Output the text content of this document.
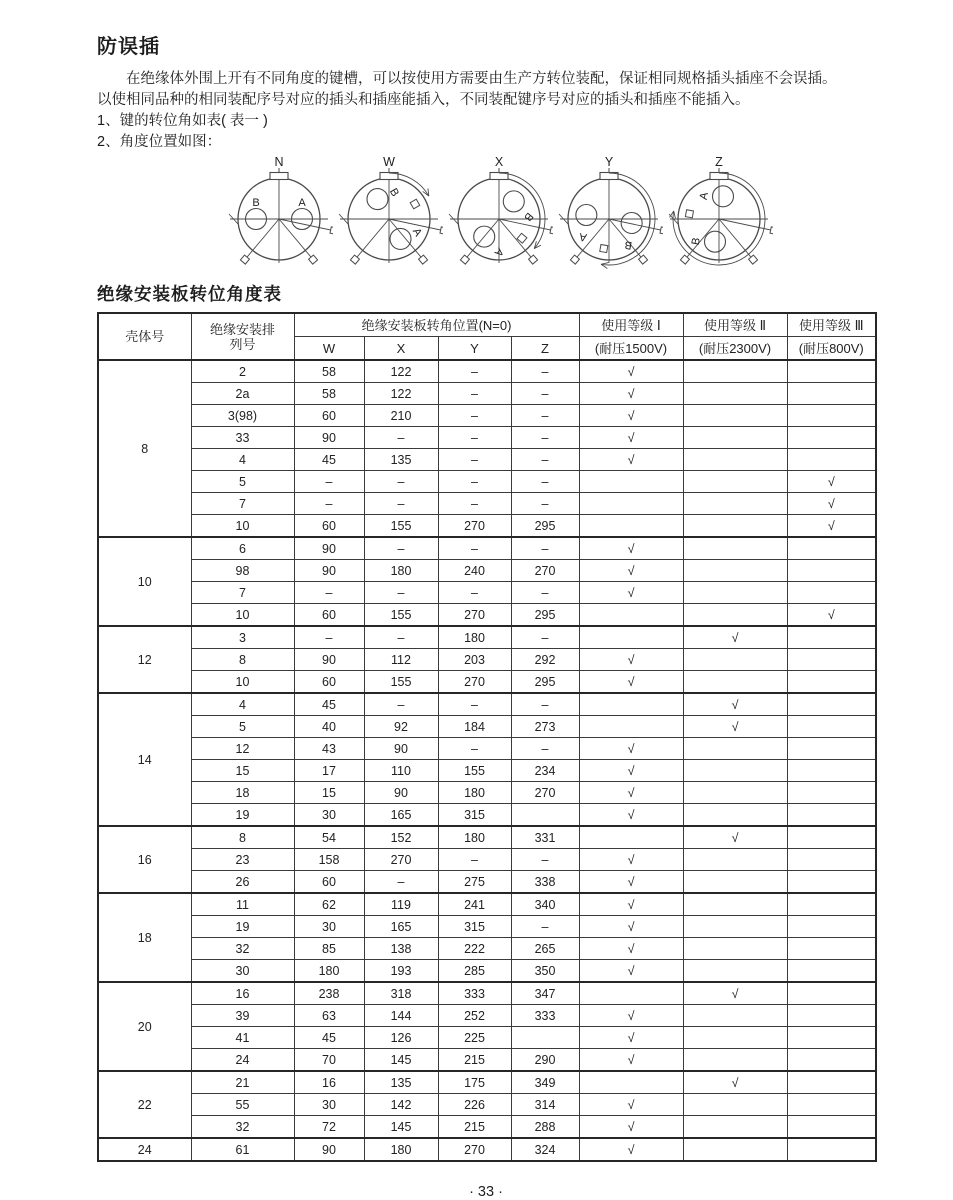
防误插

在绝缘体外围上开有不同角度的键槽，可以按使用方需要由生产方转位装配，保证相同规格插头插座不会误插。

以使相同品种的相同装配序号对应的插头和插座能插入，不同装配键序号对应的插头和插座不能插入。

1、键的转位角如表( 表一 )

2、角度位置如图：

N
A
B
W
A
B
X
A
B
Y
A
B
Z
A
B
绝缘安装板转位角度表
壳体号	绝缘安装排列号	绝缘安装板转角位置(N=0)				使用等级 Ⅰ	使用等级 Ⅱ	使用等级 Ⅲ
		W	X	Y	Z	(耐压1500V)	(耐压2300V)	(耐压800V)
8	2	58	122	–	–	√		
	2a	58	122	–	–	√		
	3(98)	60	210	–	–	√		
	33	90	–	–	–	√		
	4	45	135	–	–	√		
	5	–	–	–	–			√
	7	–	–	–	–			√
	10	60	155	270	295			√
10	6	90	–	–	–	√		
	98	90	180	240	270	√		
	7	–	–	–	–	√		
	10	60	155	270	295			√
12	3	–	–	180	–		√	
	8	90	112	203	292	√		
	10	60	155	270	295	√		
14	4	45	–	–	–		√	
	5	40	92	184	273		√	
	12	43	90	–	–	√		
	15	17	110	155	234	√		
	18	15	90	180	270	√		
	19	30	165	315		√		
16	8	54	152	180	331		√	
	23	158	270	–	–	√		
	26	60	–	275	338	√		
18	11	62	119	241	340	√		
	19	30	165	315	–	√		
	32	85	138	222	265	√		
	30	180	193	285	350	√		
20	16	238	318	333	347		√	
	39	63	144	252	333	√		
	41	45	126	225		√		
	24	70	145	215	290	√		
22	21	16	135	175	349		√	
	55	30	142	226	314	√		
	32	72	145	215	288	√		
24	61	90	180	270	324	√		
· 33 ·
